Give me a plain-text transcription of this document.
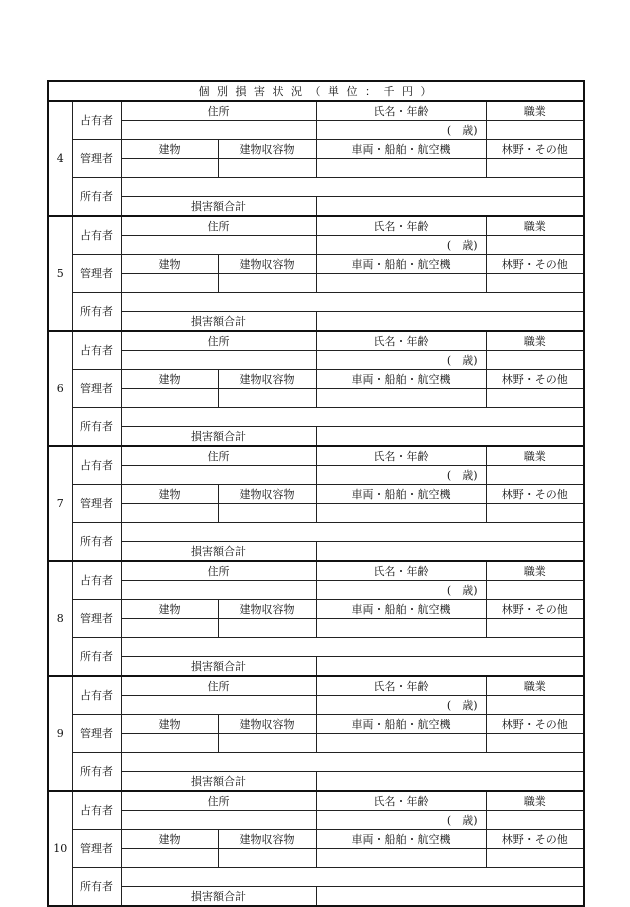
個 別 損 害 状 況 （ 単 位 ： 千 円 ）					
4	占有者	住所		氏名・年齢	職業
				(　歳)	
	管理者	建物	建物収容物	車両・船舶・航空機	林野・その他

	所有者				
		損害額合計			
5	占有者	住所		氏名・年齢	職業
				(　歳)	
	管理者	建物	建物収容物	車両・船舶・航空機	林野・その他

	所有者				
		損害額合計			
6	占有者	住所		氏名・年齢	職業
				(　歳)	
	管理者	建物	建物収容物	車両・船舶・航空機	林野・その他

	所有者				
		損害額合計			
7	占有者	住所		氏名・年齢	職業
				(　歳)	
	管理者	建物	建物収容物	車両・船舶・航空機	林野・その他

	所有者				
		損害額合計			
8	占有者	住所		氏名・年齢	職業
				(　歳)	
	管理者	建物	建物収容物	車両・船舶・航空機	林野・その他

	所有者				
		損害額合計			
9	占有者	住所		氏名・年齢	職業
				(　歳)	
	管理者	建物	建物収容物	車両・船舶・航空機	林野・その他

	所有者				
		損害額合計			
10	占有者	住所		氏名・年齢	職業
				(　歳)	
	管理者	建物	建物収容物	車両・船舶・航空機	林野・その他

	所有者				
		損害額合計			
